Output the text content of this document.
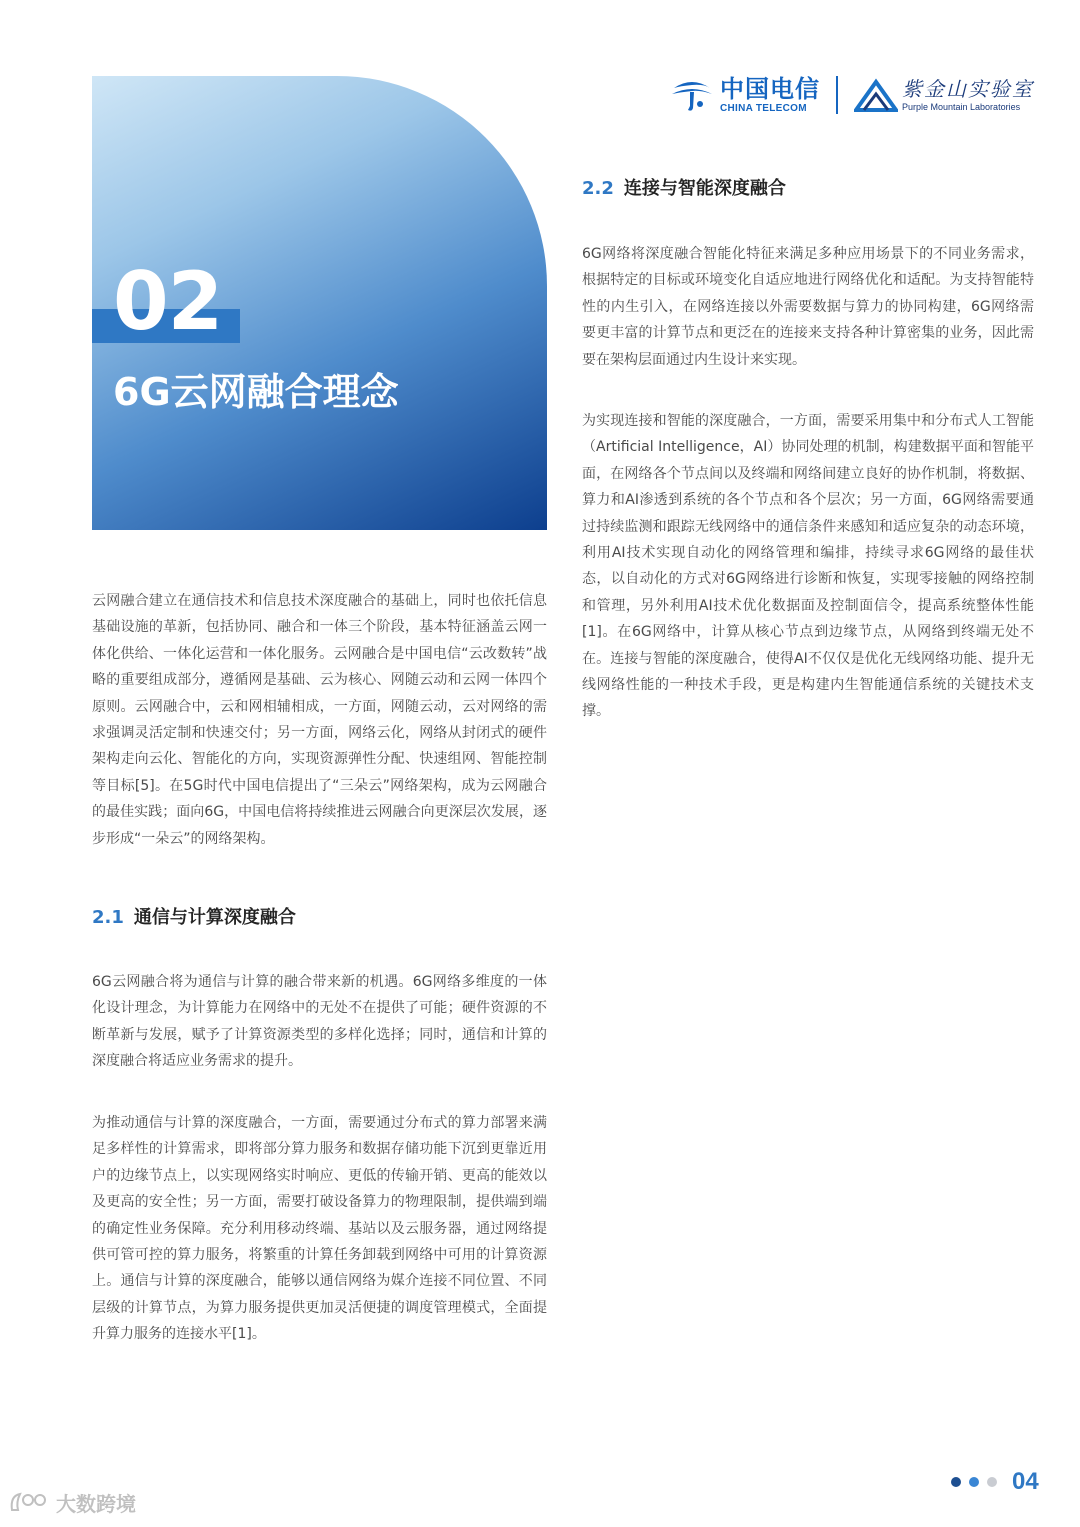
中国电信
CHINA TELECOM
紫金山实验室
Purple Mountain Laboratories
02
6G云网融合理念

云网融合建立在通信技术和信息技术深度融合的基础上，同时也依托信息基础设施的革新，包括协同、融合和一体三个阶段，基本特征涵盖云网一体化供给、一体化运营和一体化服务。云网融合是中国电信“云改数转”战略的重要组成部分，遵循网是基础、云为核心、网随云动和云网一体四个原则。云网融合中，云和网相辅相成，一方面，网随云动，云对网络的需求强调灵活定制和快速交付；另一方面，网络云化，网络从封闭式的硬件架构走向云化、智能化的方向，实现资源弹性分配、快速组网、智能控制等目标[5]。在5G时代中国电信提出了“三朵云”网络架构，成为云网融合的最佳实践；面向6G，中国电信将持续推进云网融合向更深层次发展，逐步形成“一朵云”的网络架构。

2.1 通信与计算深度融合

6G云网融合将为通信与计算的融合带来新的机遇。6G网络多维度的一体化设计理念，为计算能力在网络中的无处不在提供了可能；硬件资源的不断革新与发展，赋予了计算资源类型的多样化选择；同时，通信和计算的深度融合将适应业务需求的提升。

为推动通信与计算的深度融合，一方面，需要通过分布式的算力部署来满足多样性的计算需求，即将部分算力服务和数据存储功能下沉到更靠近用户的边缘节点上，以实现网络实时响应、更低的传输开销、更高的能效以及更高的安全性；另一方面，需要打破设备算力的物理限制，提供端到端的确定性业务保障。充分利用移动终端、基站以及云服务器，通过网络提供可管可控的算力服务，将繁重的计算任务卸载到网络中可用的计算资源上。通信与计算的深度融合，能够以通信网络为媒介连接不同位置、不同层级的计算节点，为算力服务提供更加灵活便捷的调度管理模式，全面提升算力服务的连接水平[1]。

2.2 连接与智能深度融合

6G网络将深度融合智能化特征来满足多种应用场景下的不同业务需求，根据特定的目标或环境变化自适应地进行网络优化和适配。为支持智能特性的内生引入，在网络连接以外需要数据与算力的协同构建，6G网络需要更丰富的计算节点和更泛在的连接来支持各种计算密集的业务，因此需要在架构层面通过内生设计来实现。

为实现连接和智能的深度融合，一方面，需要采用集中和分布式人工智能（Artificial Intelligence，AI）协同处理的机制，构建数据平面和智能平面，在网络各个节点间以及终端和网络间建立良好的协作机制，将数据、算力和AI渗透到系统的各个节点和各个层次；另一方面，6G网络需要通过持续监测和跟踪无线网络中的通信条件来感知和适应复杂的动态环境，利用AI技术实现自动化的网络管理和编排，持续寻求6G网络的最佳状态，以自动化的方式对6G网络进行诊断和恢复，实现零接触的网络控制和管理，另外利用AI技术优化数据面及控制面信令，提高系统整体性能[1]。在6G网络中，计算从核心节点到边缘节点，从网络到终端无处不在。连接与智能的深度融合，使得AI不仅仅是优化无线网络功能、提升无线网络性能的一种技术手段，更是构建内生智能通信系统的关键技术支撑。

04
大数跨境
